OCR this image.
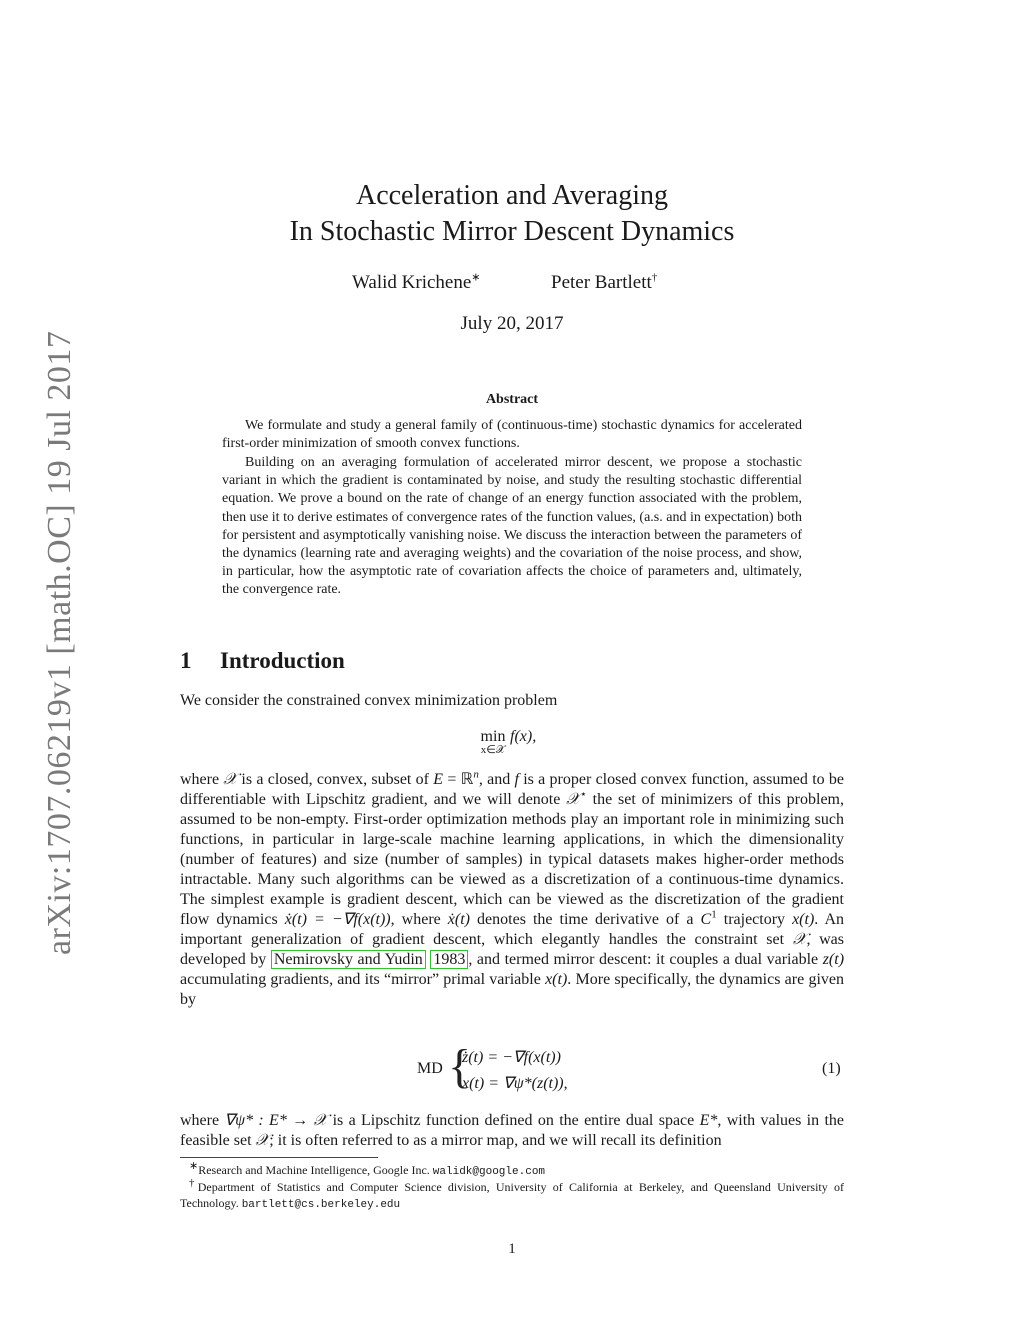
arXiv:1707.06219v1 [math.OC] 19 Jul 2017
Acceleration and Averaging
In Stochastic Mirror Descent Dynamics
Walid Krichene∗	Peter Bartlett†
July 20, 2017
Abstract

We formulate and study a general family of (continuous-time) stochastic dynamics for accelerated first-order minimization of smooth convex functions.

Building on an averaging formulation of accelerated mirror descent, we propose a stochastic variant in which the gradient is contaminated by noise, and study the resulting stochastic differential equation. We prove a bound on the rate of change of an energy function associated with the problem, then use it to derive estimates of convergence rates of the function values, (a.s. and in expectation) both for persistent and asymptotically vanishing noise. We discuss the interaction between the parameters of the dynamics (learning rate and averaging weights) and the covariation of the noise process, and show, in particular, how the asymptotic rate of covariation affects the choice of parameters and, ultimately, the convergence rate.

1 Introduction
We consider the constrained convex minimization problem
min
x∈𝒳
f(x),
where 𝒳 is a closed, convex, subset of E = ℝ$^n$, and f is a proper closed convex function, assumed to be differentiable with Lipschitz gradient, and we will denote 𝒳⋆ the set of minimizers of this problem, assumed to be non-empty. First-order optimization methods play an important role in minimizing such functions, in particular in large-scale machine learning applications, in which the dimensionality (number of features) and size (number of samples) in typical datasets makes higher-order methods intractable. Many such algorithms can be viewed as a discretization of a continuous-time dynamics. The simplest example is gradient descent, which can be viewed as the discretization of the gradient flow dynamics ẋ(t) = −∇f(x(t)), where ẋ(t) denotes the time derivative of a $C^1$ trajectory x(t). An important generalization of gradient descent, which elegantly handles the constraint set 𝒳, was developed by Nemirovsky and Yudin 1983 , and termed mirror descent: it couples a dual variable z(t) accumulating gradients, and its “mirror” primal variable x(t). More specifically, the dynamics are given by
MD {
ż(t) = −∇f(x(t))
x(t) = ∇ψ*(z(t)),
(1)
where ∇ψ* : E* → 𝒳 is a Lipschitz function defined on the entire dual space E*, with values in the feasible set 𝒳; it is often referred to as a mirror map, and we will recall its definition
∗Research and Machine Intelligence, Google Inc. walidk@google.com
†Department of Statistics and Computer Science division, University of California at Berkeley, and Queensland University of Technology. bartlett@cs.berkeley.edu
1
